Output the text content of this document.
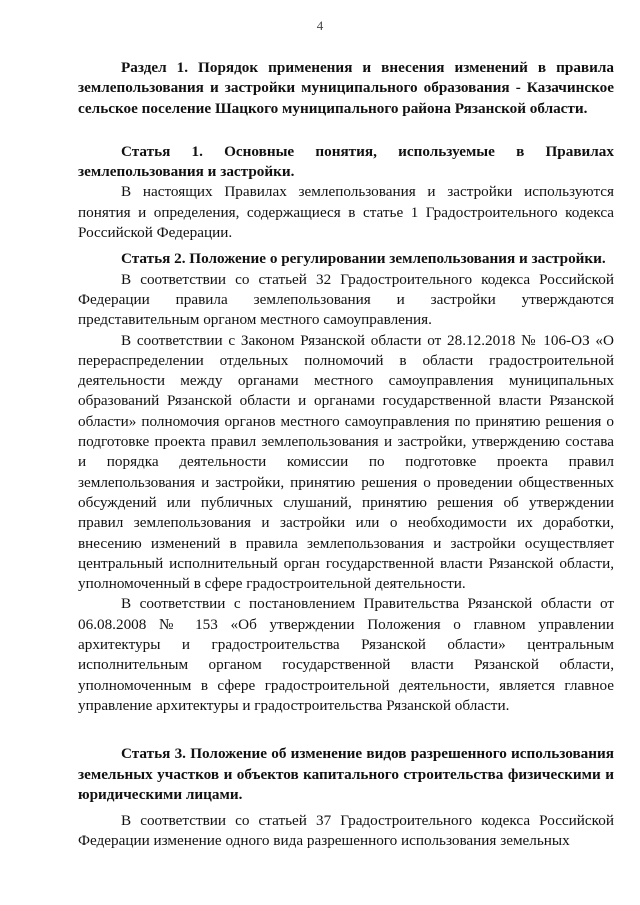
4
Раздел 1. Порядок применения и внесения изменений в правила землепользования и застройки муниципального образования - Казачинское сельское поселение Шацкого муниципального района Рязанской области.
Статья 1. Основные понятия, используемые в Правилах землепользования и застройки.

В настоящих Правилах землепользования и застройки используются понятия и определения, содержащиеся в статье 1 Градостроительного кодекса Российской Федерации.

Статья 2. Положение о регулировании землепользования и застройки.

В соответствии со статьей 32 Градостроительного кодекса Российской Федерации правила землепользования и застройки утверждаются представительным органом местного самоуправления.

В соответствии с Законом Рязанской области от 28.12.2018 № 106-ОЗ «О перераспределении отдельных полномочий в области градостроительной деятельности между органами местного самоуправления муниципальных образований Рязанской области и органами государственной власти Рязанской области» полномочия органов местного самоуправления по принятию решения о подготовке проекта правил землепользования и застройки, утверждению состава и порядка деятельности комиссии по подготовке проекта правил землепользования и застройки, принятию решения о проведении общественных обсуждений или публичных слушаний, принятию решения об утверждении правил землепользования и застройки или о необходимости их доработки, внесению изменений в правила землепользования и застройки осуществляет центральный исполнительный орган государственной власти Рязанской области, уполномоченный в сфере градостроительной деятельности.

В соответствии с постановлением Правительства Рязанской области от 06.08.2008 № 153 «Об утверждении Положения о главном управлении архитектуры и градостроительства Рязанской области» центральным исполнительным органом государственной власти Рязанской области, уполномоченным в сфере градостроительной деятельности, является главное управление архитектуры и градостроительства Рязанской области.

Статья 3. Положение об изменение видов разрешенного использования земельных участков и объектов капитального строительства физическими и юридическими лицами.

В соответствии со статьей 37 Градостроительного кодекса Российской Федерации изменение одного вида разрешенного использования земельных
